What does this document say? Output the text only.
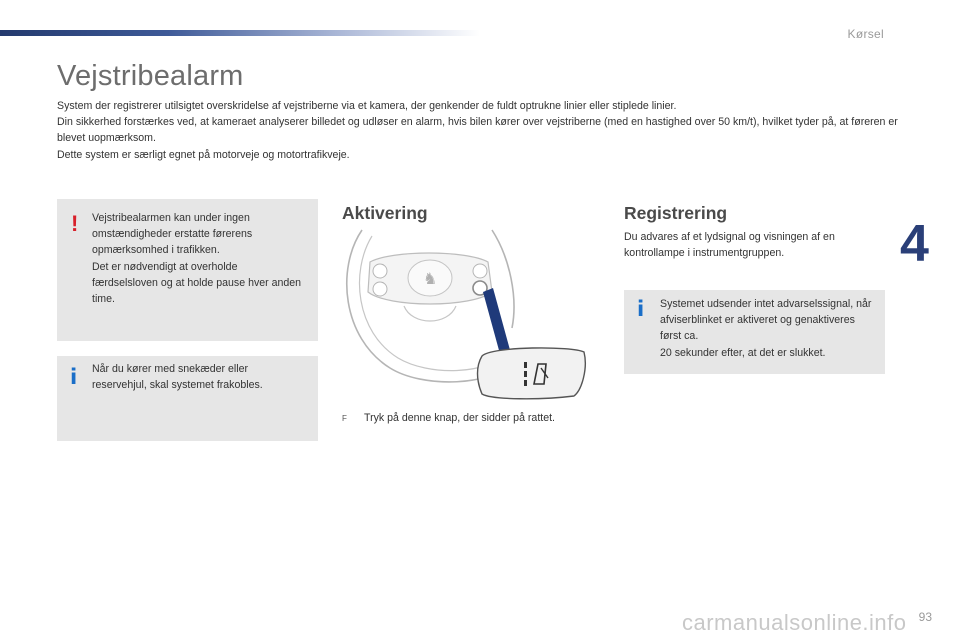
Kørsel
Vejstribealarm

System der registrerer utilsigtet overskridelse af vejstriberne via et kamera, der genkender de fuldt optrukne linier eller stiplede linier.

Din sikkerhed forstærkes ved, at kameraet analyserer billedet og udløser en alarm, hvis bilen kører over vejstriberne (med en hastighed over 50 km/t), hvilket tyder på, at føreren er blevet uopmærksom.

Dette system er særligt egnet på motorveje og motortrafikveje.

! Vejstribealarmen kan under ingen omstændigheder erstatte førerens opmærksomhed i trafikken.

Det er nødvendigt at overholde færdselsloven og at holde pause hver anden time.

i Når du kører med snekæder eller reservehjul, skal systemet frakobles.
Aktivering
♞
F Tryk på denne knap, der sidder på rattet.
Registrering
Du advares af et lydsignal og visningen af en kontrollampe i instrumentgruppen.
i Systemet udsender intet advarselssignal, når afviserblinket er aktiveret og genaktiveres først ca.

20 sekunder efter, at det er slukket.

4
carmanualsonline.info 93
